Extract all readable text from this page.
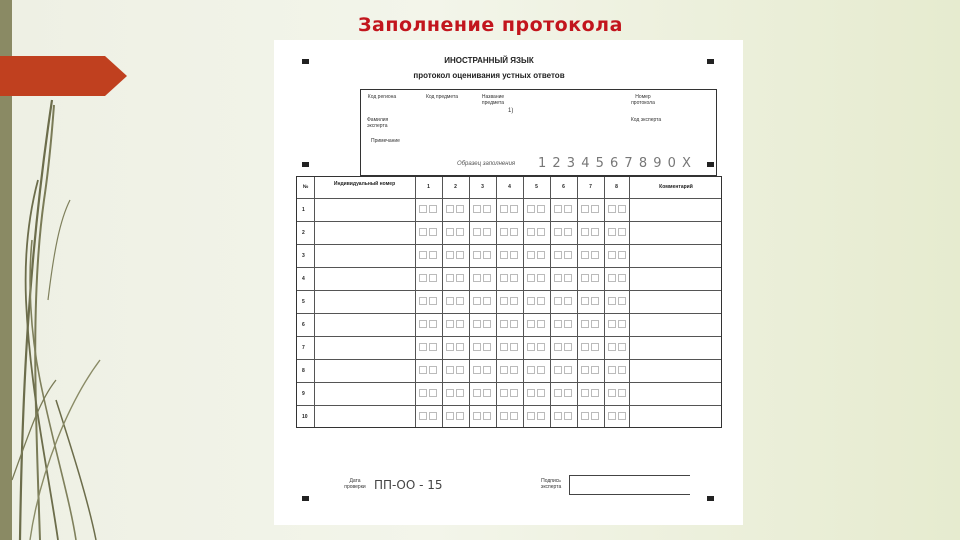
Заполнение протокола
ИНОСТРАННЫЙ ЯЗЫК
протокол оценивания устных ответов
Код региона	Код предмета	Название предмета
1)
Номер протокола
Фамилия эксперта
Код эксперта
Примечание
Образец заполнения 1 2 3 4 5 6 7 8 9 0 X
№	Индивидуальный номер	1	2	3	4	5	6	7	8	Комментарий
1
2
3
4
5
6
7
8
9
10
Дата проверки ПП-ОО - 15	Подпись эксперта
